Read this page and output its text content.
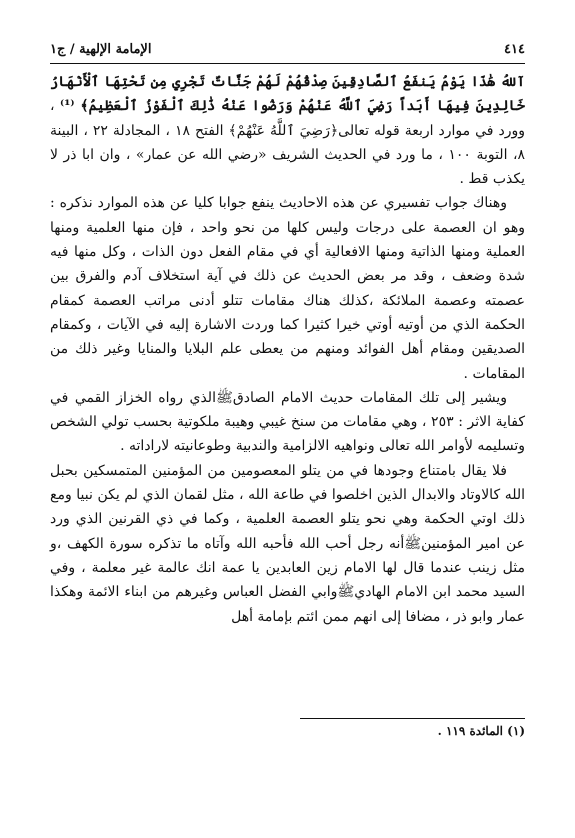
٤١٤
الإمامة الإلهية / ج١

آللهُ هَٰذَا يَوْمُ يَنفَعُ ٱلصَّادِقِينَ صِدْقُهُمْ لَهُمْ جَنَّاتٌ تَجْرِي مِن تَحْتِهَا ٱلْأَنْهَارُ خَالِدِينَ فِيهَا أَبَداً رَضِيَ ٱللَّهُ عَنْهُمْ وَرَضُوا عَنْهُ ذَٰلِكَ ٱلْفَوْزُ ٱلْعَظِيمُ﴾ ⁽¹⁾ ، وورد في موارد اربعة قوله تعالى﴿رَضِيَ ٱللَّهُ عَنْهُمْ﴾ الفتح ١٨ ، المجادلة ٢٢ ، البينة ٨، التوبة ١٠٠ ، ما ورد في الحديث الشريف «رضي الله عن عمار» ، وان ابا ذر لا يكذب قط .

وهناك جواب تفسيري عن هذه الاحاديث ينفع جوابا كليا عن هذه الموارد نذكره : وهو ان العصمة على درجات وليس كلها من نحو واحد ، فإن منها العلمية ومنها العملية ومنها الذاتية ومنها الافعالية أي في مقام الفعل دون الذات ، وكل منها فيه شدة وضعف ، وقد مر بعض الحديث عن ذلك في آية استخلاف آدم والفرق بين عصمته وعصمة الملائكة ،كذلك هناك مقامات تتلو أدنى مراتب العصمة كمقام الحكمة الذي من أوتيه أوتي خيرا كثيرا كما وردت الاشارة إليه في الآيات ، وكمقام الصديقين ومقام أهل الفوائد ومنهم من يعطى علم البلايا والمنايا وغير ذلك من المقامات .

ويشير إلى تلك المقامات حديث الامام الصادقﷺالذي رواه الخزاز القمي في كفاية الاثر : ٢٥٣ ، وهي مقامات من سنخ غيبي وهيبة ملكوتية بحسب تولي الشخص وتسليمه لأوامر الله تعالى ونواهيه الالزامية والندبية وطوعانيته لاراداته .

فلا يقال بامتناع وجودها في من يتلو المعصومين من المؤمنين المتمسكين بحبل الله كالاوتاد والابدال الذين اخلصوا في طاعة الله ، مثل لقمان الذي لم يكن نبيا ومع ذلك اوتي الحكمة وهي نحو يتلو العصمة العلمية ، وكما في ذي القرنين الذي ورد عن امير المؤمنينﷺأنه رجل أحب الله فأحبه الله وآتاه ما تذكره سورة الكهف ،و مثل زينب عندما قال لها الامام زين العابدين يا عمة انك عالمة غير معلمة ، وفي السيد محمد ابن الامام الهاديﷺوابي الفضل العباس وغيرهم من ابناء الائمة وهكذا عمار وابو ذر ، مضافا إلى انهم ممن ائتم بإمامة أهل

(١) المائدة ١١٩ .
